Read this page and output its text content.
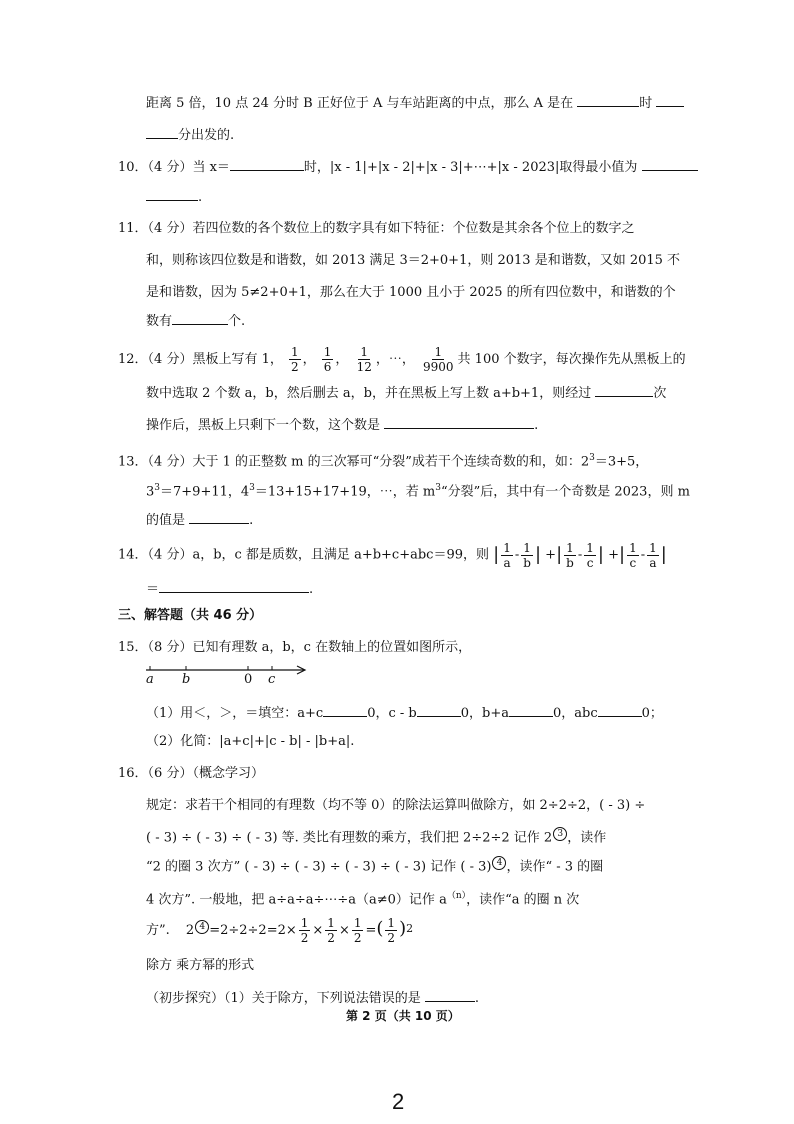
距离 5 倍，10 点 24 分时 B 正好位于 A 与车站距离的中点，那么 A 是在	时
分出发的.
10．（4 分）当 x＝	时，|x - 1|+|x - 2|+|x - 3|+⋯+|x - 2023|取得最小值为
.
11．（4 分）若四位数的各个数位上的数字具有如下特征：个位数是其余各个位上的数字之
和，则称该四位数是和谐数，如 2013 满足 3＝2+0+1，则 2013 是和谐数，又如 2015 不
是和谐数，因为 5≠2+0+1，那么在大于 1000 且小于 2025 的所有四位数中，和谐数的个
数有	个.
12．（4 分）黑板上写有 1， $\frac{1}{2}$ ， $\frac{1}{6}$ ， $\frac{1}{12}$ ，⋯， $\frac{1}{9900}$ 共 100 个数字，每次操作先从黑板上的
数中选取 2 个数 a，b，然后删去 a，b，并在黑板上写上数 a+b+1，则经过	次
操作后，黑板上只剩下一个数，这个数是	.
13．（4 分）大于 1 的正整数 m 的三次幂可“分裂”成若干个连续奇数的和，如：$2^3=3+5$，
$3^3=7+9+11$，$4^3=13+15+17+19$，⋯，若 $m^3“$分裂”后，其中有一个奇数是 2023，则 m
的值是	.
14．（4 分）a，b，c 都是质数，且满足 a+b+c+abc＝99，则 | $\frac{1}{a} - \frac{1}{b}$ | +| $\frac{1}{b} - \frac{1}{c}$ | +| $\frac{1}{c} - \frac{1}{a}$ |
＝	.
三、解答题（共 46 分）
15．（8 分）已知有理数 a，b，c 在数轴上的位置如图所示，
a b	0 c
（1）用＜，＞，＝填空：a+c	0，c - b	0，b+a	0，abc	0；
（2）化简：|a+c|+|c - b| - |b+a|.
16．（6 分）（概念学习）
规定：求若干个相同的有理数（均不等 0）的除法运算叫做除方，如 2÷2÷2，( - 3) ÷
( - 3) ÷ ( - 3) ÷ ( - 3) 等. 类比有理数的乘方，我们把 2÷2÷2 记作 2 3 ，读作
“2 的圈 3 次方” ( - 3) ÷ ( - 3) ÷ ( - 3) ÷ ( - 3) 记作 ( - 3) 4 ，读作“ - 3 的圈
4 次方”. 一般地，把 a÷a÷a÷⋯÷a（a≠0）记作 $a^{(n)}$，读作“a 的圈 n 次
方”. 2 $4 =2\div 2\div 2=2\times \frac{1}{2} \times \frac{1}{2} \times \frac{1}{2}$ =( $\frac{1}{2} )^2$
除方 乘方幂的形式
（初步探究）（1）关于除方，下列说法错误的是	.
第 2 页（共 10 页）
2
